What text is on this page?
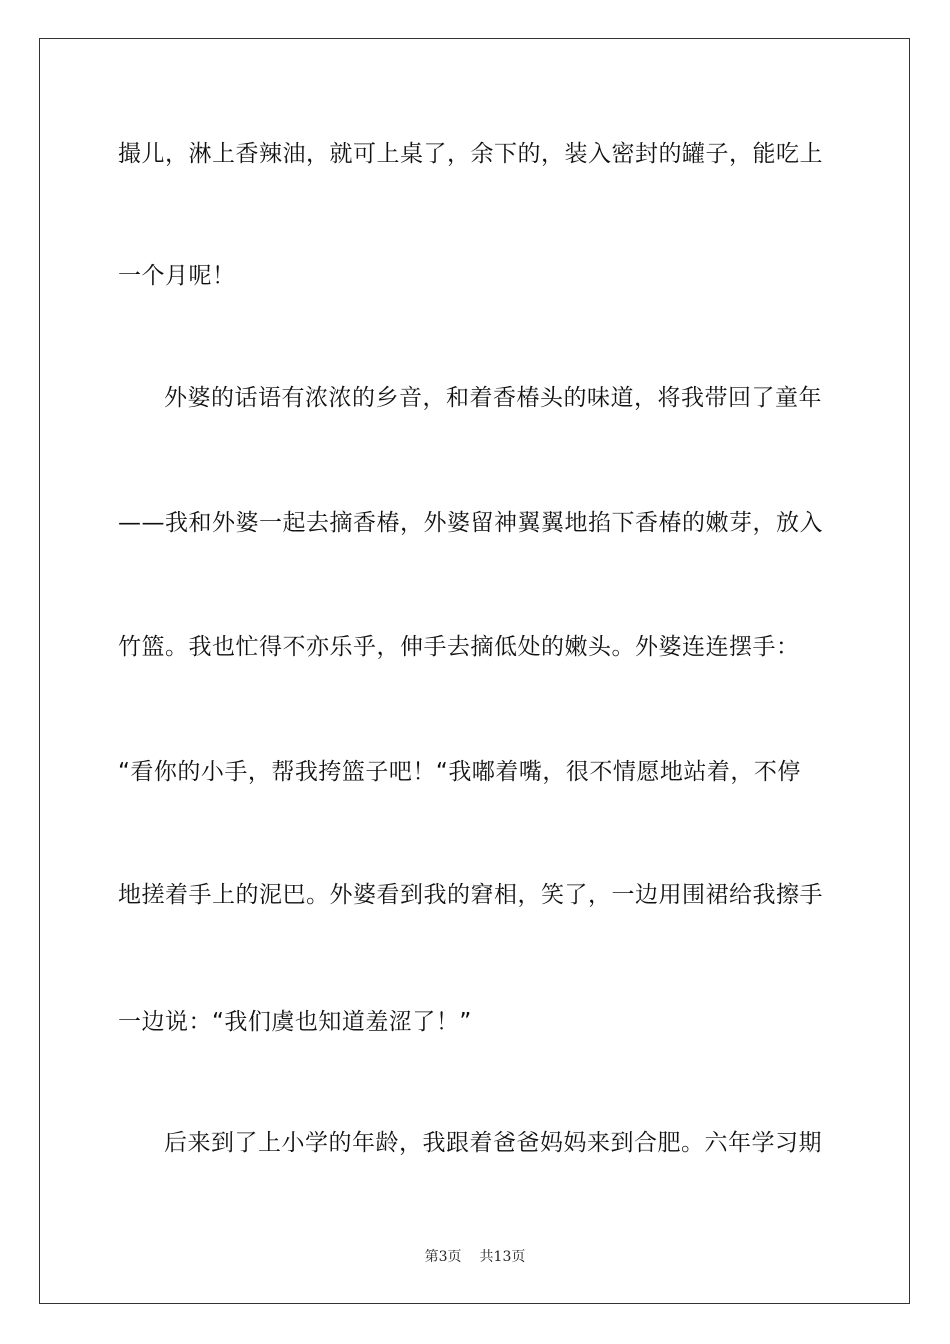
撮儿，淋上香辣油，就可上桌了，余下的，装入密封的罐子，能吃上
一个月呢！
外婆的话语有浓浓的乡音，和着香椿头的味道，将我带回了童年
——我和外婆一起去摘香椿，外婆留神翼翼地掐下香椿的嫩芽，放入
竹篮。我也忙得不亦乐乎，伸手去摘低处的嫩头。外婆连连摆手：
“看你的小手，帮我挎篮子吧！“我嘟着嘴，很不情愿地站着，不停
地搓着手上的泥巴。外婆看到我的窘相，笑了，一边用围裙给我擦手
一边说：“我们虞也知道羞涩了！”
后来到了上小学的年龄，我跟着爸爸妈妈来到合肥。六年学习期
第3页 共13页
